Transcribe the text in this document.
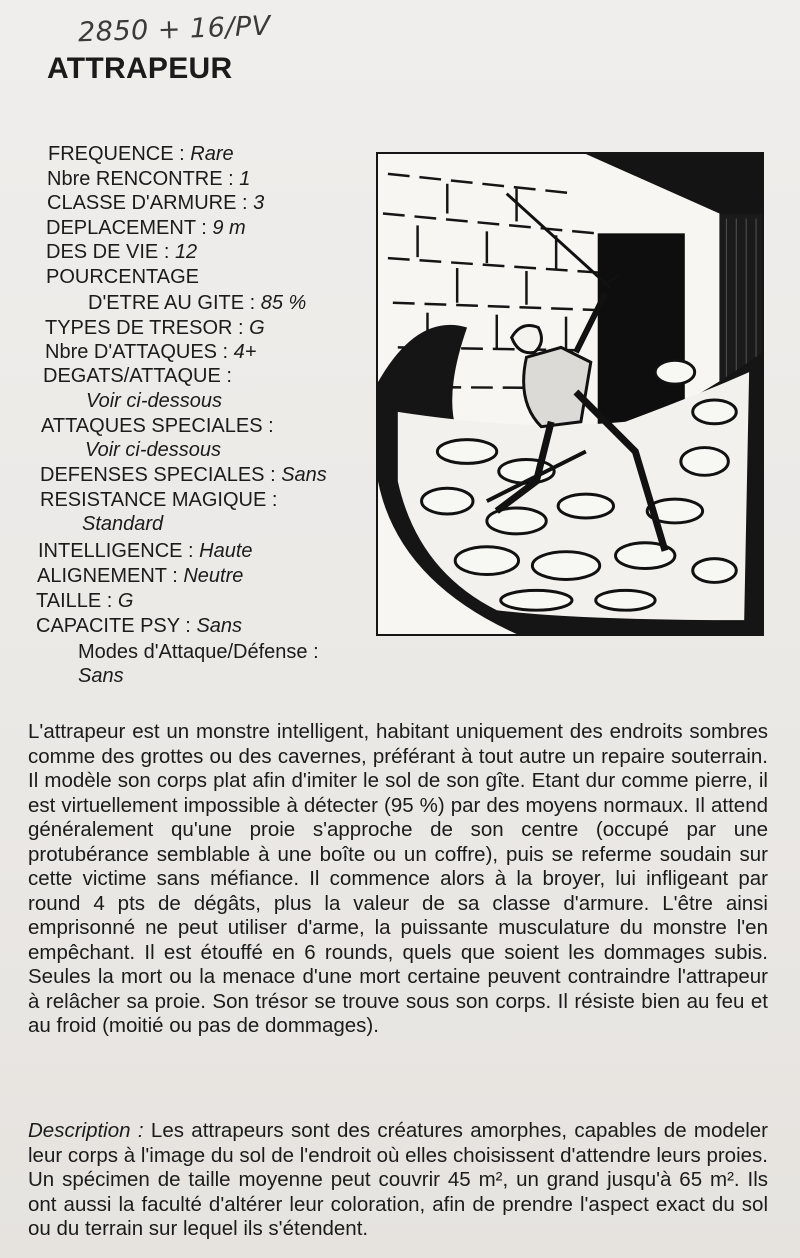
2850 + 16/PV
ATTRAPEUR
FREQUENCE : Rare
Nbre RENCONTRE : 1
CLASSE D'ARMURE : 3
DEPLACEMENT : 9 m
DES DE VIE : 12
POURCENTAGE
D'ETRE AU GITE : 85 %
TYPES DE TRESOR : G
Nbre D'ATTAQUES : 4+
DEGATS/ATTAQUE :
Voir ci-dessous
ATTAQUES SPECIALES :
Voir ci-dessous
DEFENSES SPECIALES : Sans
RESISTANCE MAGIQUE :
Standard
INTELLIGENCE : Haute
ALIGNEMENT : Neutre
TAILLE : G
CAPACITE PSY : Sans
Modes d'Attaque/Défense :
Sans

L'attrapeur est un monstre intelligent, habitant uniquement des endroits sombres comme des grottes ou des cavernes, préférant à tout autre un repaire souterrain. Il modèle son corps plat afin d'imiter le sol de son gîte. Etant dur comme pierre, il est virtuellement impossible à détecter (95 %) par des moyens normaux. Il attend généralement qu'une proie s'approche de son centre (occupé par une protubérance semblable à une boîte ou un coffre), puis se referme soudain sur cette victime sans méfiance. Il commence alors à la broyer, lui infligeant par round 4 pts de dégâts, plus la valeur de sa classe d'armure. L'être ainsi emprisonné ne peut utiliser d'arme, la puissante musculature du monstre l'en empêchant. Il est étouffé en 6 rounds, quels que soient les dommages subis. Seules la mort ou la menace d'une mort certaine peuvent contraindre l'attrapeur à relâcher sa proie. Son trésor se trouve sous son corps. Il résiste bien au feu et au froid (moitié ou pas de dommages).

Description : Les attrapeurs sont des créatures amorphes, capables de modeler leur corps à l'image du sol de l'endroit où elles choisissent d'attendre leurs proies. Un spécimen de taille moyenne peut couvrir 45 m², un grand jusqu'à 65 m². Ils ont aussi la faculté d'altérer leur coloration, afin de prendre l'aspect exact du sol ou du terrain sur lequel ils s'étendent.
